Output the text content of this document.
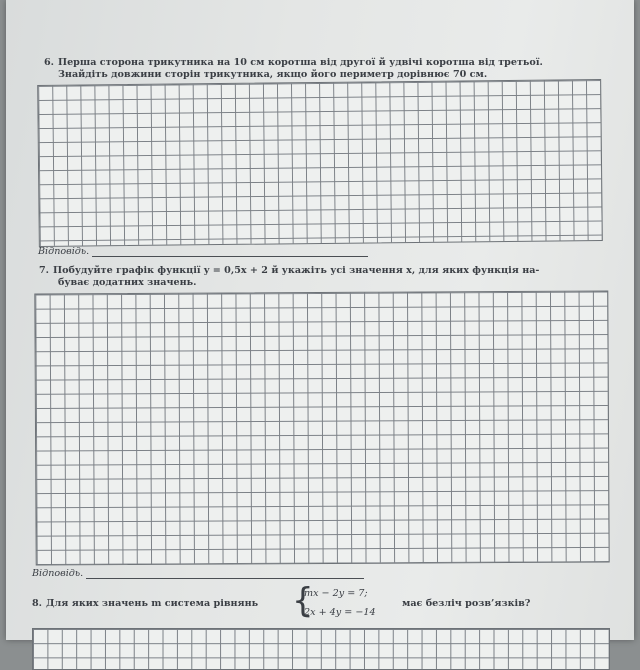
6. Перша сторона трикутника на 10 см коротша від другої й удвічі коротша від третьої.
Знайдіть довжини сторін трикутника, якщо його периметр дорівнює 70 см.
Відповідь.
7. Побудуйте графік функції y = 0,5x + 2 й укажіть усі значення x, для яких функція на-
буває додатних значень.
Відповідь.
8. Для яких значень m система рівнянь {
mx − 2y = 7;
2x + 4y = −14
має безліч розв’язків?
